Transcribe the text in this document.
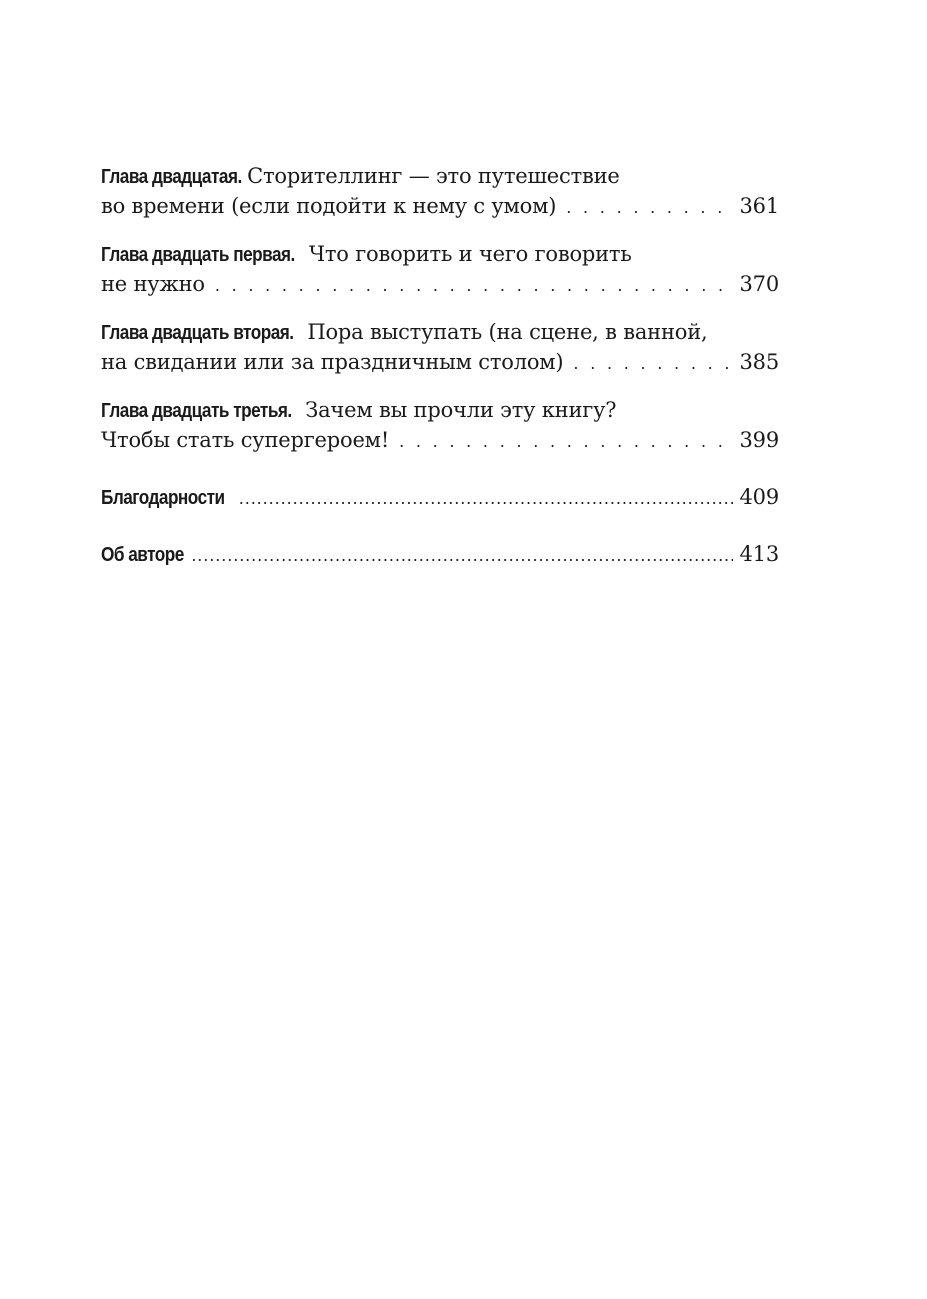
Глава двадцатая. Сторителлинг — это путешествие
во времени (если подойти к нему с умом) . . .	361
Глава двадцать первая. Что говорить и чего говорить
не нужно . . .	370
Глава двадцать вторая. Пора выступать (на сцене, в ванной,
на свидании или за праздничным столом) . . .	385
Глава двадцать третья. Зачем вы прочли эту книгу?
Чтобы стать супергероем! . . .	399
Благодарности .....	409
Об авторе .....	413
